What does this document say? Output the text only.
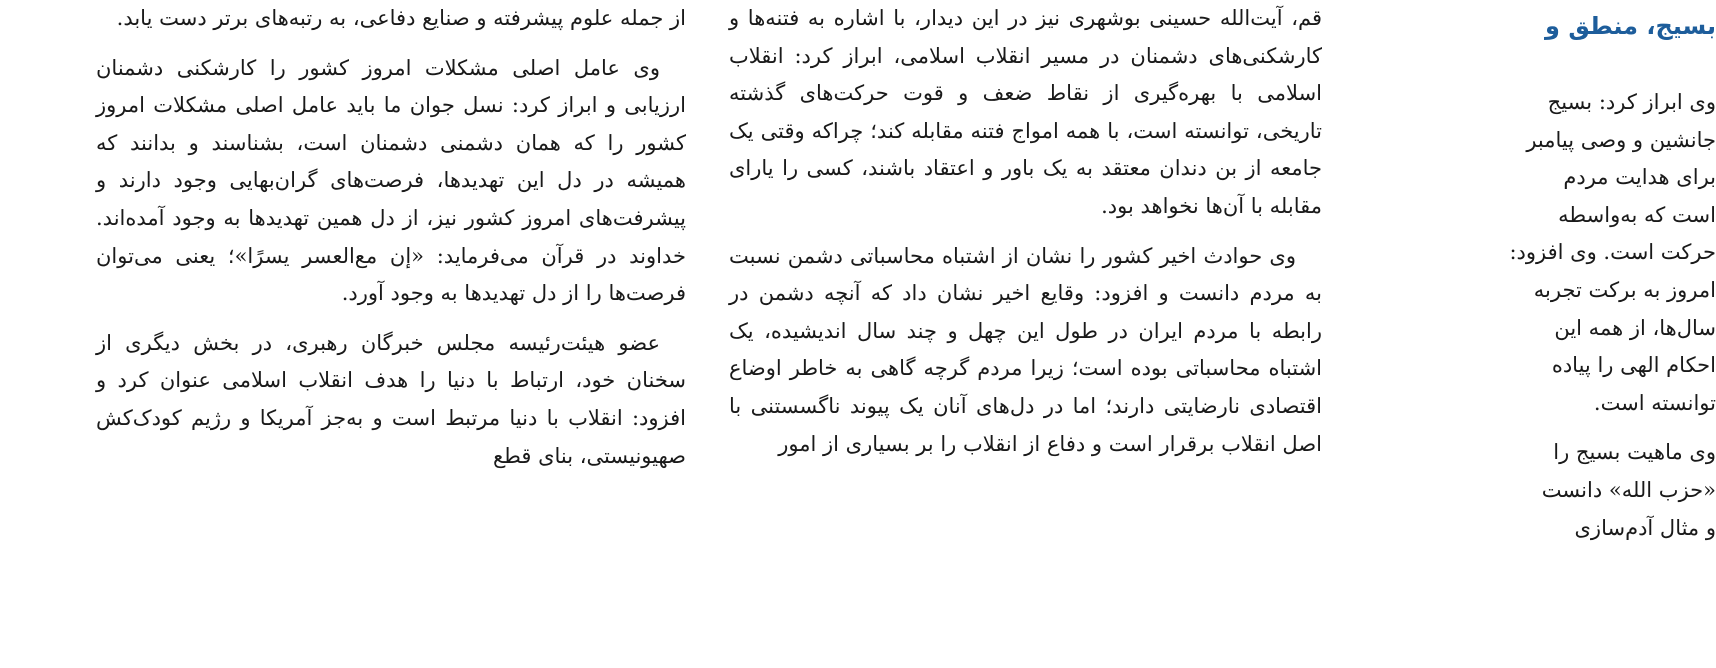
از جمله علوم پیشرفته و صنایع دفاعی، به رتبه‌های برتر دست یابد.

وی عامل اصلی مشکلات امروز کشور را کارشکنی دشمنان ارزیابی و ابراز کرد: نسل جوان ما باید عامل اصلی مشکلات امروز کشور را که همان دشمنی دشمنان است، بشناسند و بدانند که همیشه در دل این تهدیدها، فرصت‌های گران‌بهایی وجود دارند و پیشرفت‌های امروز کشور نیز، از دل همین تهدیدها به وجود آمده‌اند. خداوند در قرآن می‌فرماید: «إن مع‌العسر یسرًا»؛ یعنی می‌توان فرصت‌ها را از دل تهدیدها به وجود آورد.

عضو هیئت‌رئیسه مجلس خبرگان رهبری، در بخش دیگری از سخنان خود، ارتباط با دنیا را هدف انقلاب اسلامی عنوان کرد و افزود: انقلاب با دنیا مرتبط است و به‌جز آمریکا و رژیم کودک‌کش صهیونیستی، بنای قطع

قم، آیت‌الله حسینی بوشهری نیز در این دیدار، با اشاره به فتنه‌ها و کارشکنی‌های دشمنان در مسیر انقلاب اسلامی، ابراز کرد: انقلاب اسلامی با بهره‌گیری از نقاط ضعف و قوت حرکت‌های گذشته تاریخی، توانسته است، با همه امواج فتنه مقابله کند؛ چراکه وقتی یک جامعه از بن دندان معتقد به یک باور و اعتقاد باشند، کسی را یارای مقابله با آن‌ها نخواهد بود.

وی حوادث اخیر کشور را نشان از اشتباه محاسباتی دشمن نسبت به مردم دانست و افزود: وقایع اخیر نشان داد که آنچه دشمن در رابطه با مردم ایران در طول این چهل و چند سال اندیشیده، یک اشتباه محاسباتی بوده است؛ زیرا مردم گرچه گاهی به خاطر اوضاع اقتصادی نارضایتی دارند؛ اما در دل‌های آنان یک پیوند ناگسستنی با اصل انقلاب برقرار است و دفاع از انقلاب را بر بسیاری از امور

بسیج، منطق و
وی ابراز کرد: بسیج
جانشین و وصی پیامبر
برای هدایت مردم
است که به‌واسطه
حرکت است. وی افزود:
امروز به برکت تجربه
سال‌ها، از همه این
احکام الهی را پیاده
توانسته است.
وی ماهیت بسیج را
«حزب الله» دانست
و مثال آدم‌سازی
